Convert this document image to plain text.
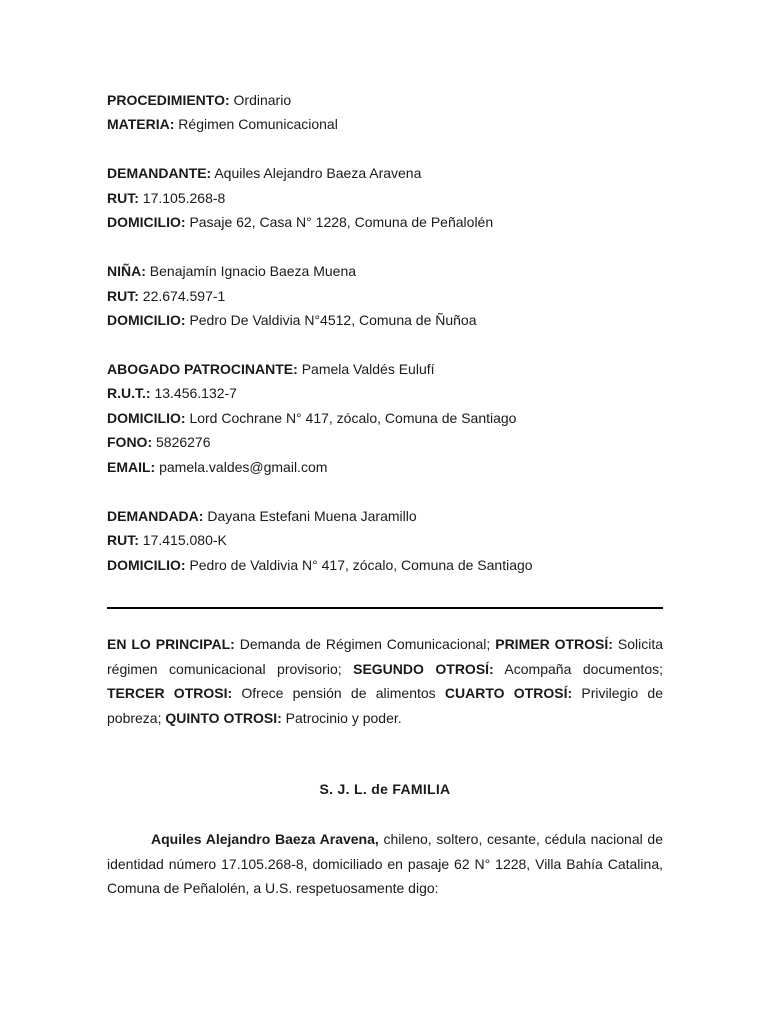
PROCEDIMIENTO: Ordinario
MATERIA: Régimen Comunicacional
DEMANDANTE: Aquiles Alejandro Baeza Aravena
RUT: 17.105.268-8
DOMICILIO: Pasaje 62, Casa N° 1228, Comuna de Peñalolén
NIÑA: Benajamín Ignacio Baeza Muena
RUT: 22.674.597-1
DOMICILIO: Pedro De Valdivia N°4512, Comuna de Ñuñoa
ABOGADO PATROCINANTE: Pamela Valdés Eulufí
R.U.T.: 13.456.132-7
DOMICILIO: Lord Cochrane N° 417, zócalo, Comuna de Santiago
FONO: 5826276
EMAIL: pamela.valdes@gmail.com
DEMANDADA: Dayana Estefani Muena Jaramillo
RUT: 17.415.080-K
DOMICILIO: Pedro de Valdivia N° 417, zócalo, Comuna de Santiago
EN LO PRINCIPAL: Demanda de Régimen Comunicacional; PRIMER OTROSÍ: Solicita régimen comunicacional provisorio; SEGUNDO OTROSÍ: Acompaña documentos; TERCER OTROSI: Ofrece pensión de alimentos CUARTO OTROSÍ: Privilegio de pobreza; QUINTO OTROSI: Patrocinio y poder.
S. J. L. de FAMILIA
Aquiles Alejandro Baeza Aravena, chileno, soltero, cesante, cédula nacional de identidad número 17.105.268-8, domiciliado en pasaje 62 N° 1228, Villa Bahía Catalina, Comuna de Peñalolén, a U.S. respetuosamente digo:
